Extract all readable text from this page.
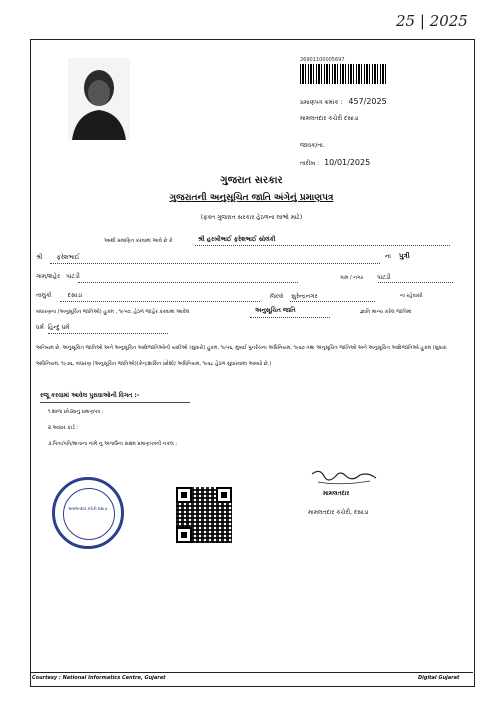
25 | 2025
26901100005697
પ્રમાણપત્ર ક્રમાંક : 457/2025
મામલતદાર કચેરી દસાડા
જાવક/તા.
તારીખ : 10/01/2025
ગુજરાત સરકાર
ગુજરાતની અનુસૂચિત જાતિ અંગેનું પ્રમાણપત્ર
(ફક્ત ગુજરાત સરકાર હેઠળના લાભો માટે)
આથી પ્રમાણિત કરવામાં આવે છે કે	શ્રી હરખીભાઈ ફરેશભાઈ સોલંકી
શ્રી ફરેશભાઈ	ના પુત્રી
ગામ/શહેર પાટડી	ગામ / નગર પાટડી
તાલુકો	દસાડા	જિલ્લો સુરેન્દ્રનગર	ના રહેવાસી
બંધારણના (અનુસૂચિત જાતિઓ) હુકમ , ૧૯૫૦, હેઠળ જાહેર કરવામાં આવેલ	અનુસૂચિત જાતિ	જ્ઞાતિ માન્ય કરેલ જાતિમાં
ધર્મ હિન્દુ ધર્મ
અનિયમ છે. અનુસૂચિત જાતિઓ અને અનુસૂચિત આદિજાતિઓની યાદીઓ (સુધારો) હુકમ, ૧૯૫૬, મુંબઈ પુનર્રચના અધિનિયમ, ૧૯૬૦ તથા અનુસૂચિત જાતિઓ અને અનુસૂચિત આદિજાતિઓ હુકમ (સુધારા અધિનિયમ, ૧૯૭૬, બંધારણ (અનુસૂચિત જાતિઓ)(કેન્દ્રશાસિત પ્રદેશો) અધિનિયમ, ૧૯૬૮ હેઠળ સુધારવામાં આવ્યો છે.)
રજૂ કરવામાં આવેલ પુરાવાઓની વિગત :-
૧.શાળા છોડ્યાનું પ્રમાણપત્ર :
૨.આધાર કાર્ડ :
૩.પિતા/પતિ/માતાના નામે નુ અગાઉના સક્ષમ પ્રમાણપત્રની નકલ :
મામલતદાર
મામલતદાર કચેરી, દસાડા
મામલતદાર કચેરી દસાડા
Courtesy : National Informatics Centre, Gujarat	Digital Gujarat
